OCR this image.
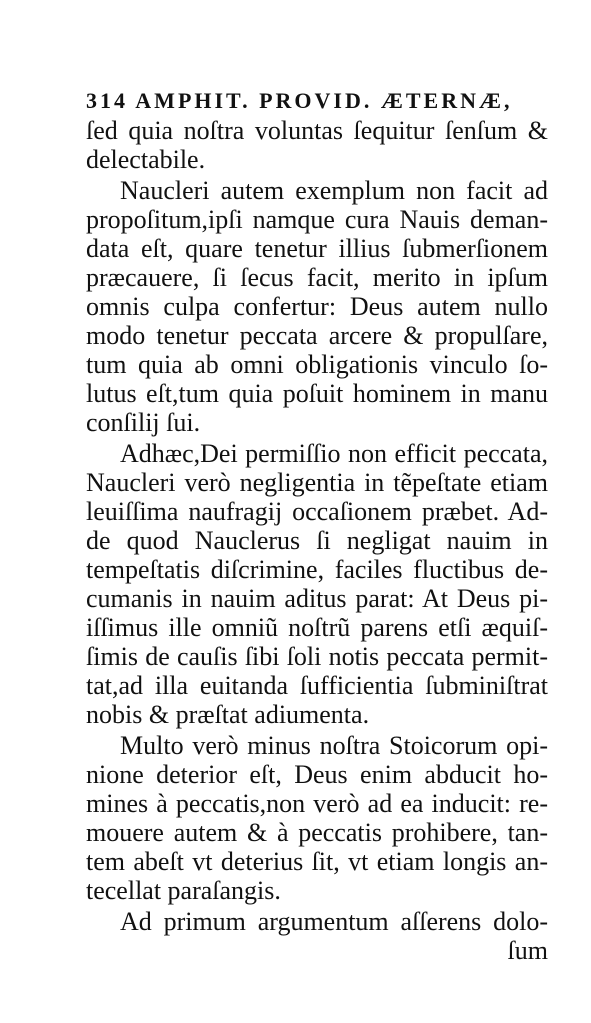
314 AMPHIT. PROVID. ÆTERNÆ,
ſed quia noſtra voluntas ſequitur ſenſum &
delectabile.
Naucleri autem exemplum non facit ad
propoſitum,ipſi namque cura Nauis deman-
data eſt, quare tenetur illius ſubmerſionem
præcauere, ſi ſecus facit, merito in ipſum
omnis culpa confertur: Deus autem nullo
modo tenetur peccata arcere & propulſare,
tum quia ab omni obligationis vinculo ſo-
lutus eſt,tum quia poſuit hominem in manu
conſilij ſui.
Adhæc,Dei permiſſio non efficit peccata,
Naucleri verò negligentia in tẽpeſtate etiam
leuiſſima naufragij occaſionem præbet. Ad-
de quod Nauclerus ſi negligat nauim in
tempeſtatis diſcrimine, faciles fluctibus de-
cumanis in nauim aditus parat: At Deus pi-
iſſimus ille omniũ noſtrũ parens etſi æquiſ-
ſimis de cauſis ſibi ſoli notis peccata permit-
tat,ad illa euitanda ſufficientia ſubminiſtrat
nobis & præſtat adiumenta.
Multo verò minus noſtra Stoicorum opi-
nione deterior eſt, Deus enim abducit ho-
mines à peccatis,non verò ad ea inducit: re-
mouere autem & à peccatis prohibere, tan-
tem abeſt vt deterius ſit, vt etiam longis an-
tecellat paraſangis.
Ad primum argumentum aſſerens dolo-
ſum
